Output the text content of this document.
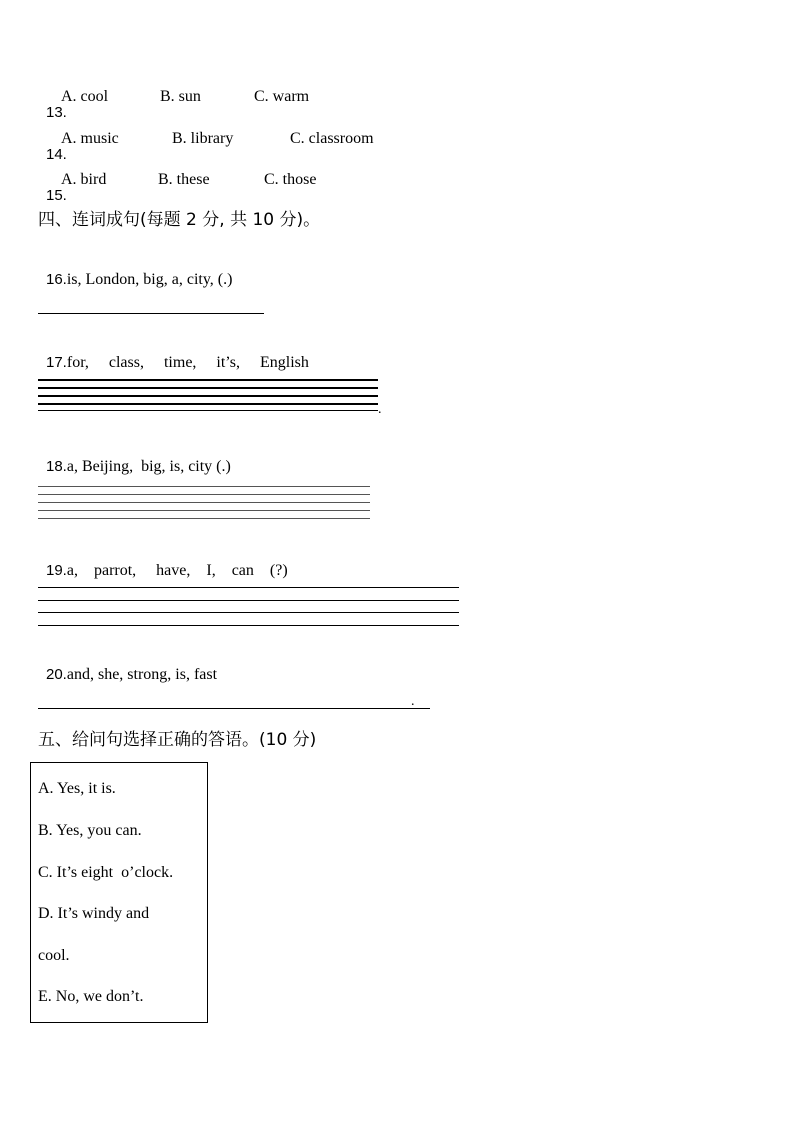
13.
A. cool	B. sun	C. warm

14.
A. music	B. library	C. classroom

15.
A. bird	B. these	C. those
四、连词成句(每题 2 分, 共 10 分)。

16.is, London, big, a, city, (.)

17.for,     class,     time,     it’s,     English

.

18.a, Beijing,  big, is, city (.)

19.a,    parrot,     have,    I,    can    (?)

20.and, she, strong, is, fast

.
五、给问句选择正确的答语。(10 分)
A. Yes, it is.
B. Yes, you can.
C. It’s eight  o’clock.
D. It’s windy and
cool.
E. No, we don’t.
